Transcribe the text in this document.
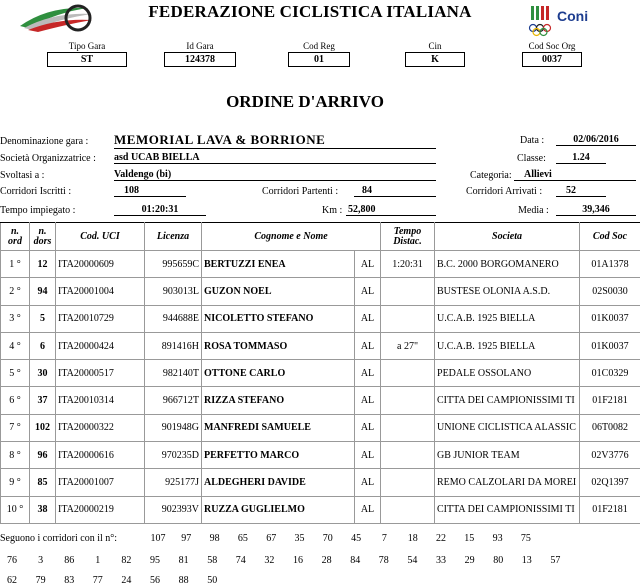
FEDERAZIONE CICLISTICA ITALIANA	Coni
Tipo Gara
ST
Id Gara
124378
Cod Reg
01
Cin
K
Cod Soc Org
0037
ORDINE D'ARRIVO
Denominazione gara : MEMORIAL LAVA & BORRIONE	Data :	02/06/2016
Società Organizzatrice : asd UCAB BIELLA	Classe:	1.24
Svoltasi a :	Valdengo (bi)	Categoria:	Allievi
Corridori Iscritti :	108	Corridori Partenti :	84	Corridori Arrivati :	52
Tempo impiegato :	01:20:31	Km : 52,800	Media :	39,346
n.
ord	n.
dors	Cod. UCI	Licenza	Cognome e Nome		Tempo
Distac.	Societa	Cod Soc
1 °	12	ITA20000609	995659C	BERTUZZI ENEA	AL	1:20:31	B.C. 2000 BORGOMANERO	01A1378
2 °	94	ITA20001004	903013L	GUZON NOEL	AL		BUSTESE OLONIA A.S.D.	02S0030
3 °	5	ITA20010729	944688E	NICOLETTO STEFANO	AL		U.C.A.B. 1925 BIELLA	01K0037
4 °	6	ITA20000424	891416H	ROSA TOMMASO	AL	a 27"	U.C.A.B. 1925 BIELLA	01K0037
5 °	30	ITA20000517	982140T	OTTONE CARLO	AL		PEDALE OSSOLANO	01C0329
6 °	37	ITA20010314	966712T	RIZZA STEFANO	AL		CITTA DEI CAMPIONISSIMI TI	01F2181
7 °	102	ITA20000322	901948G	MANFREDI SAMUELE	AL		UNIONE CICLISTICA ALASSIC	06T0082
8 °	96	ITA20000616	970235D	PERFETTO MARCO	AL		GB JUNIOR TEAM	02V3776
9 °	85	ITA20001007	925177J	ALDEGHERI DAVIDE	AL		REMO CALZOLARI DA MOREI	02Q1397
10 °	38	ITA20000219	902393V	RUZZA GUGLIELMO	AL		CITTA DEI CAMPIONISSIMI TI	01F2181
Seguono i corridori con il n°:	107	97	98	65	67	35	70	45	7	18	22	15	93	75
76	3	86	1	82	95	81	58	74	32	16	28	84	78	54	33	29	80	13	57
62	79	83	77	24	56	88	50
